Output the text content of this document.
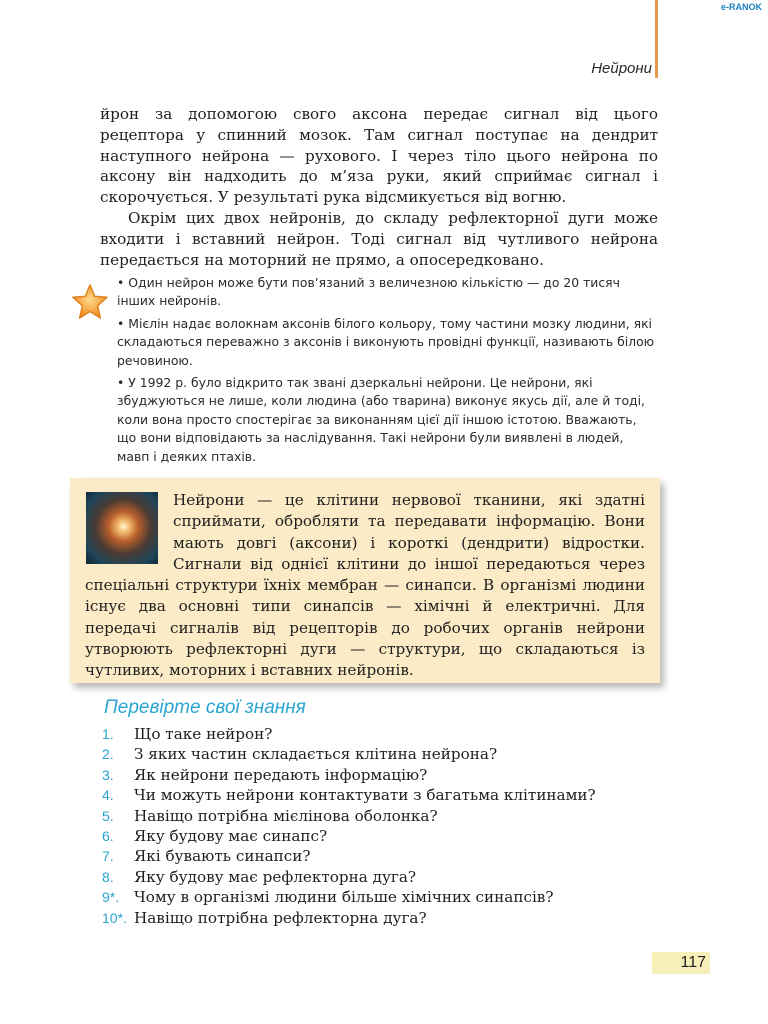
e-RANOK
Нейрони

йрон за допомогою свого аксона передає сигнал від цього рецептора у спинний мозок. Там сигнал поступає на дендрит наступного нейрона — рухового. І через тіло цього нейрона по аксону він надходить до м’яза руки, який сприймає сигнал і скорочується. У результаті рука відсмикується від вогню.

Окрім цих двох нейронів, до складу рефлекторної дуги може входити і вставний нейрон. Тоді сигнал від чутливого нейрона передається на моторний не прямо, а опосередковано.

• Один нейрон може бути пов’язаний з величезною кількістю — до 20 тисяч інших нейронів.

• Мієлін надає волокнам аксонів білого кольору, тому частини мозку людини, які складаються переважно з аксонів і виконують провідні функції, називають білою речовиною.

• У 1992 р. було відкрито так звані дзеркальні нейрони. Це нейрони, які збуджуються не лише, коли людина (або тварина) виконує якусь дії, але й тоді, коли вона просто спостерігає за виконанням цієї дії іншою істотою. Вважають, що вони відповідають за наслідування. Такі нейрони були виявлені в людей, мавп і деяких птахів.

Нейрони — це клітини нервової тканини, які здатні сприймати, обробляти та передавати інформацію. Вони мають довгі (аксони) і короткі (дендрити) відростки. Сигнали від однієї клітини до іншої передаються через спеціальні структури їхніх мембран — синапси. В організмі людини існує два основні типи синапсів — хімічні й електричні. Для передачі сигналів від рецепторів до робочих органів нейрони утворюють рефлекторні дуги — структури, що складаються із чутливих, моторних і вставних нейронів.

Перевірте свої знання
1.	Що таке нейрон?
2.	З яких частин складається клітина нейрона?
3.	Як нейрони передають інформацію?
4.	Чи можуть нейрони контактувати з багатьма клітинами?
5.	Навіщо потрібна мієлінова оболонка?
6.	Яку будову має синапс?
7.	Які бувають синапси?
8.	Яку будову має рефлекторна дуга?
9*. Чому в організмі людини більше хімічних синапсів?
10*. Навіщо потрібна рефлекторна дуга?
117
